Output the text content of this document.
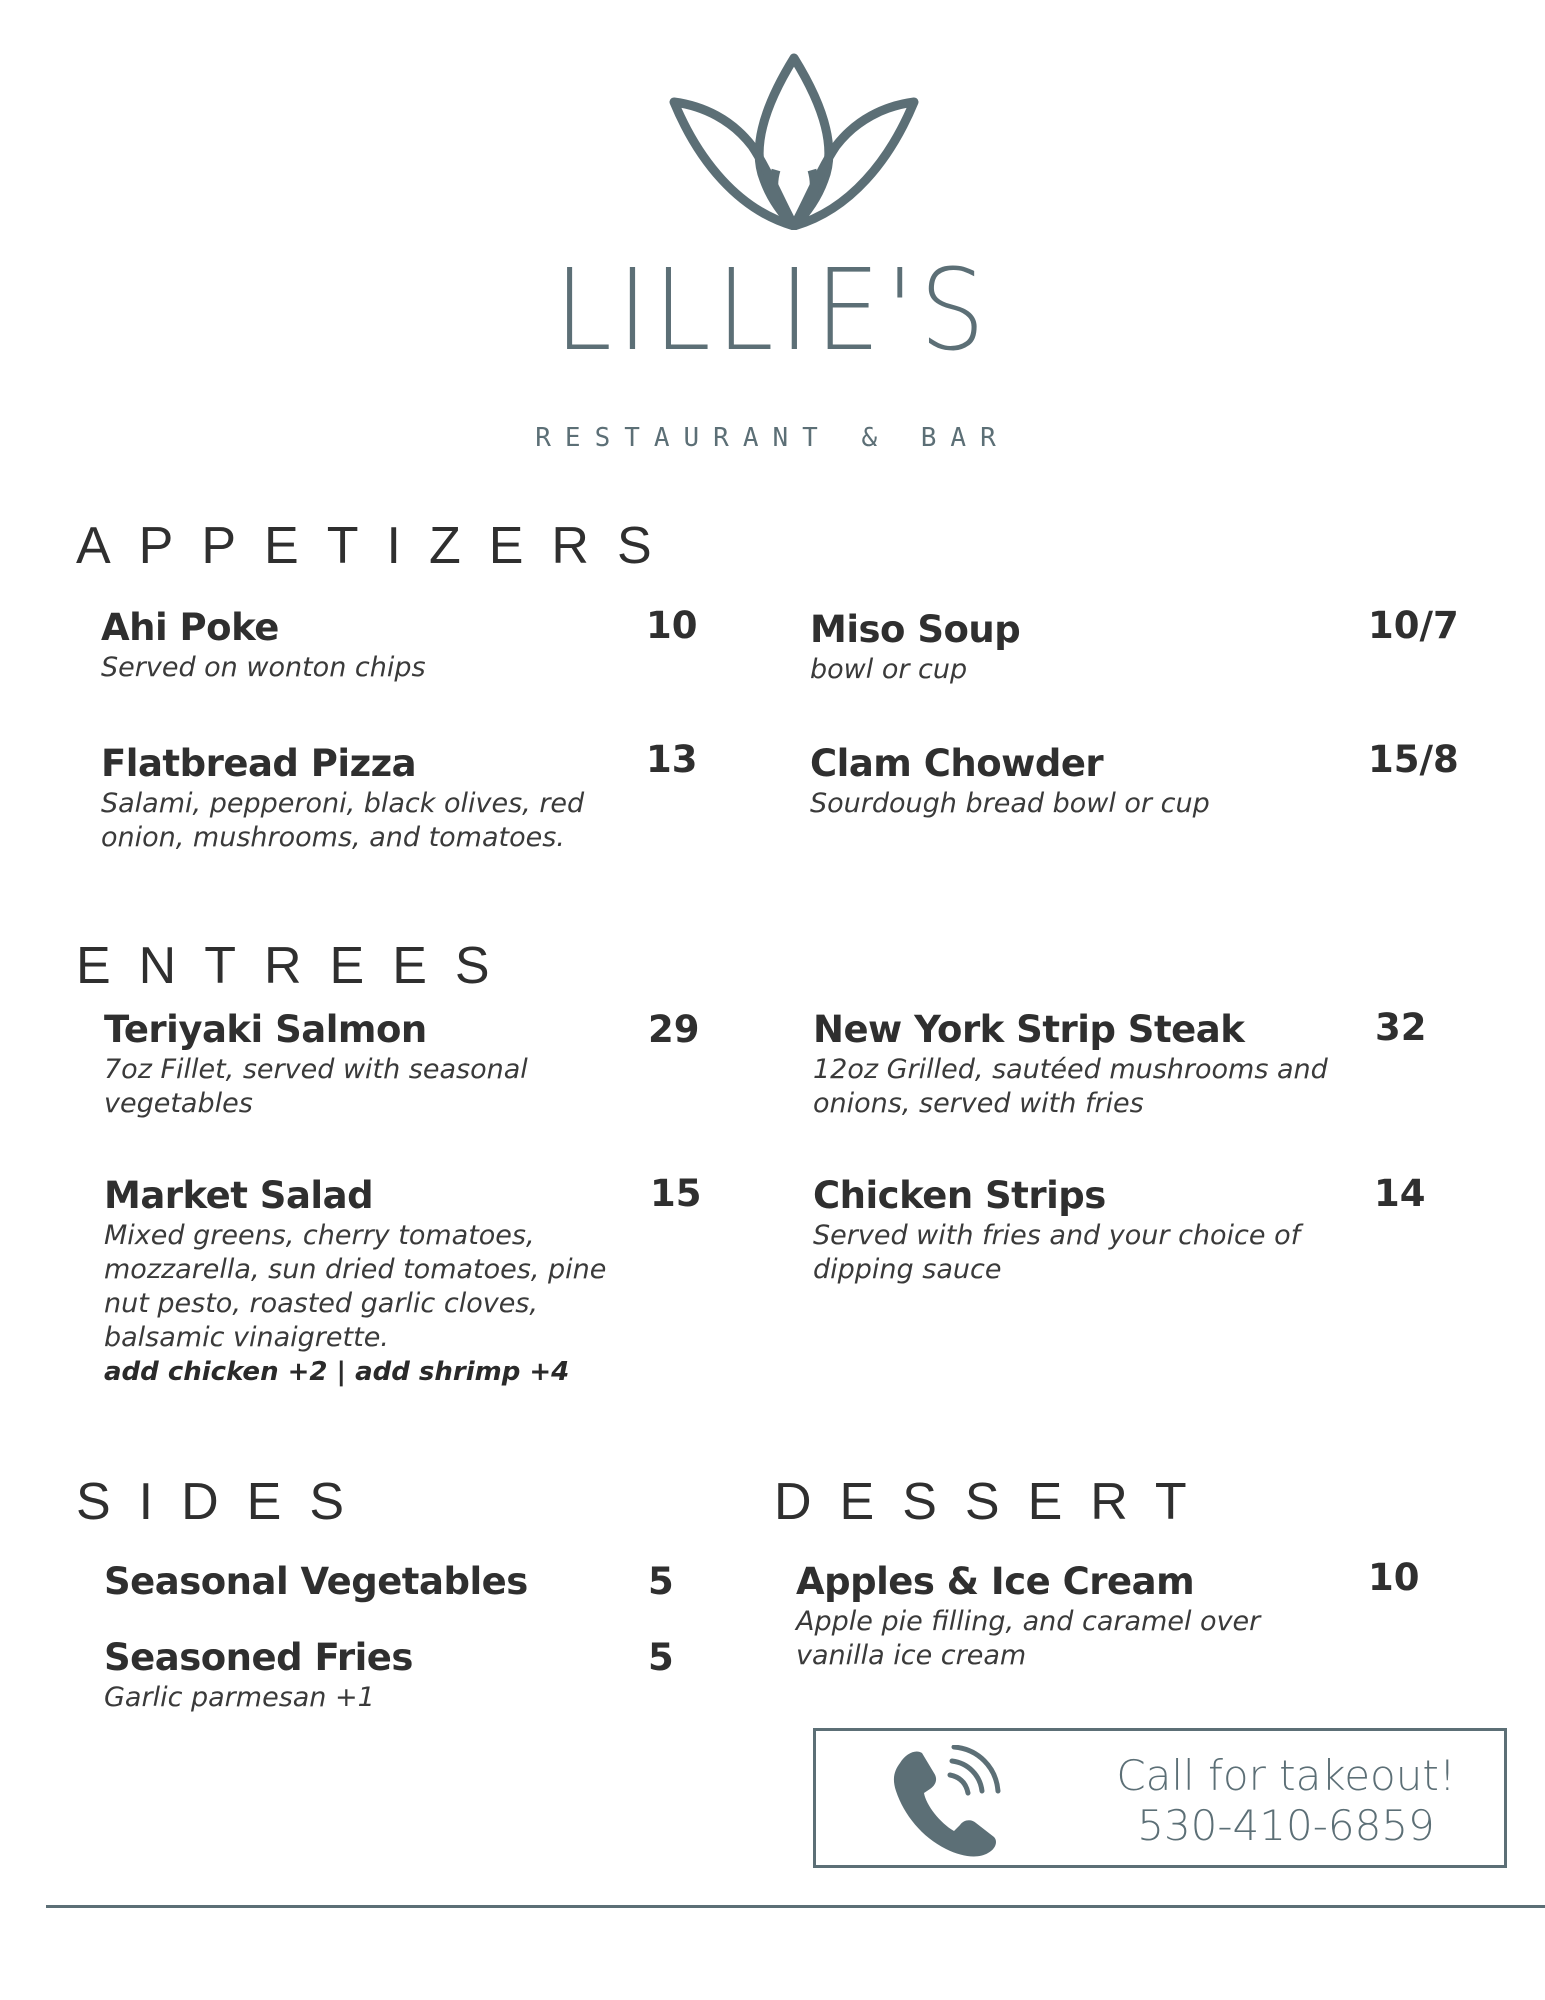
LILLIE'S
RESTAURANT & BAR
APPETIZERS
Ahi Poke
Served on wonton chips
10	Miso Soup
bowl or cup
10/7
Flatbread Pizza
Salami, pepperoni, black olives, red onion, mushrooms, and tomatoes.
13	Clam Chowder
Sourdough bread bowl or cup
15/8
ENTREES
Teriyaki Salmon
7oz Fillet, served with seasonal vegetables
29	New York Strip Steak
12oz Grilled, sautéed mushrooms and onions, served with fries
32
Market Salad
Mixed greens, cherry tomatoes, mozzarella, sun dried tomatoes, pine nut pesto, roasted garlic cloves, balsamic vinaigrette.
add chicken +2 | add shrimp +4
15	Chicken Strips
Served with fries and your choice of dipping sauce
14
SIDES
Seasonal Vegetables	5
Seasoned Fries
Garlic parmesan +1
5
DESSERT
Apples & Ice Cream
Apple pie filling, and caramel over vanilla ice cream
10
Call for takeout!
530-410-6859
